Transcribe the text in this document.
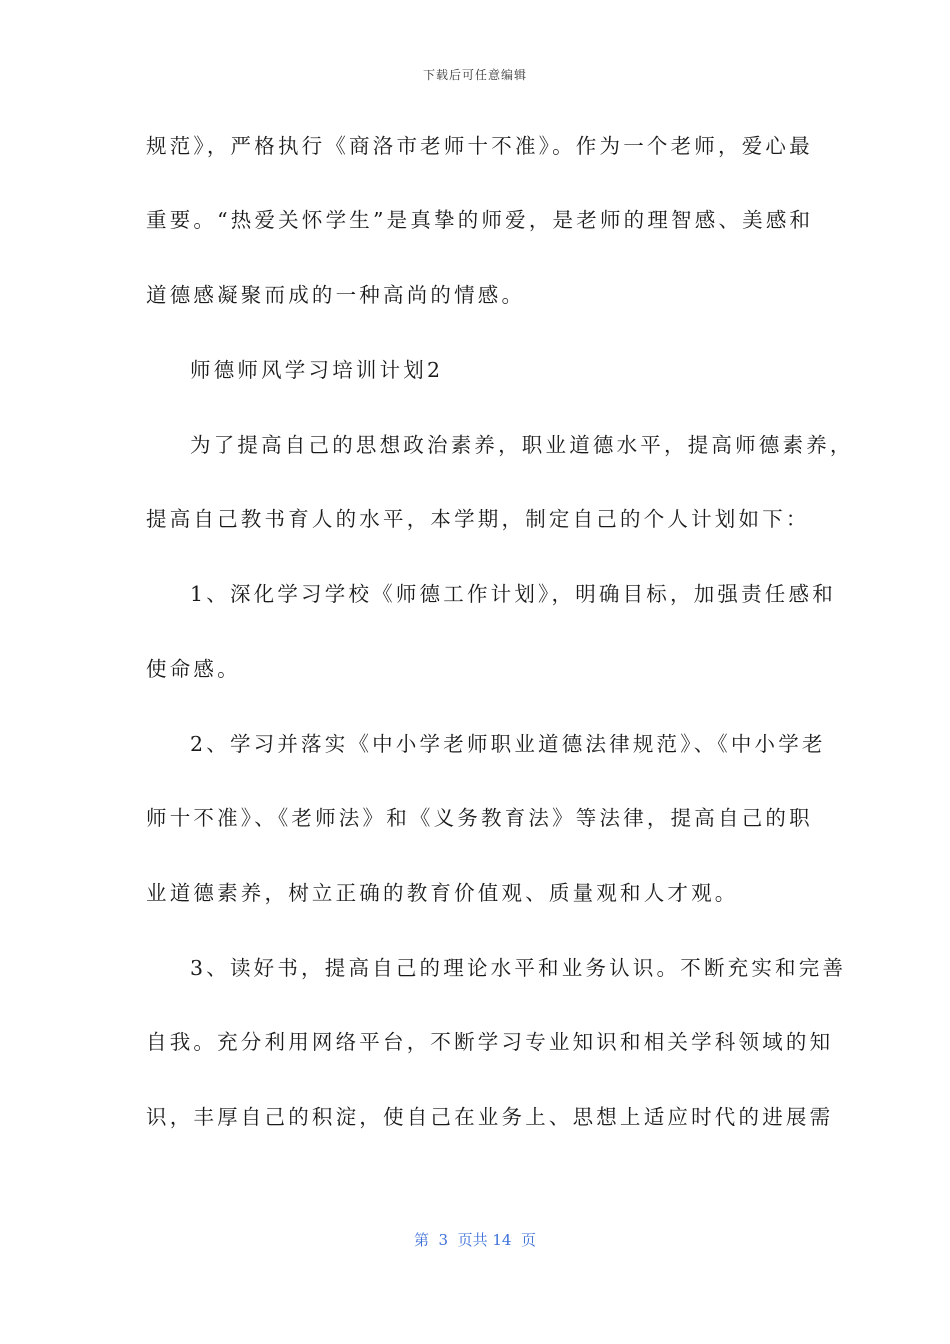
下载后可任意编辑
规范》，严格执行《商洛市老师十不准》。作为一个老师，爱心最
重要。“热爱关怀学生”是真挚的师爱，是老师的理智感、美感和
道德感凝聚而成的一种高尚的情感。
师德师风学习培训计划2
为了提高自己的思想政治素养，职业道德水平，提高师德素养，
提高自己教书育人的水平，本学期，制定自己的个人计划如下：
1、深化学习学校《师德工作计划》，明确目标，加强责任感和
使命感。
2、学习并落实《中小学老师职业道德法律规范》、《中小学老
师十不准》、《老师法》和《义务教育法》等法律，提高自己的职
业道德素养，树立正确的教育价值观、质量观和人才观。
3、读好书，提高自己的理论水平和业务认识。不断充实和完善
自我。充分利用网络平台，不断学习专业知识和相关学科领域的知
识，丰厚自己的积淀，使自己在业务上、思想上适应时代的进展需
第  3  页共 14  页
